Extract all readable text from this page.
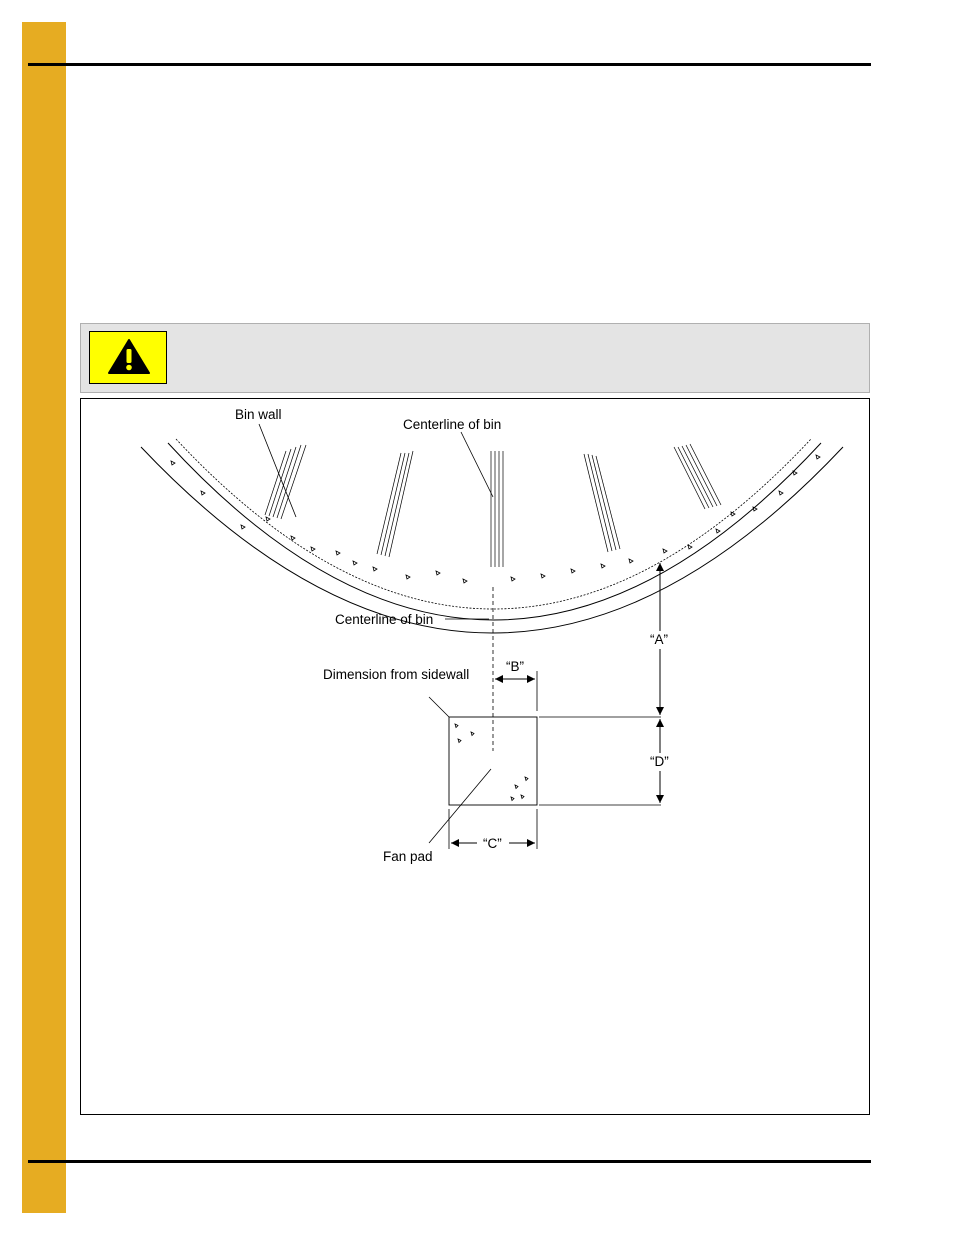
Bin wall
Centerline of bin
Centerline of bin
Dimension from sidewall
Fan pad
“A”
“B”
“C”
“D”
